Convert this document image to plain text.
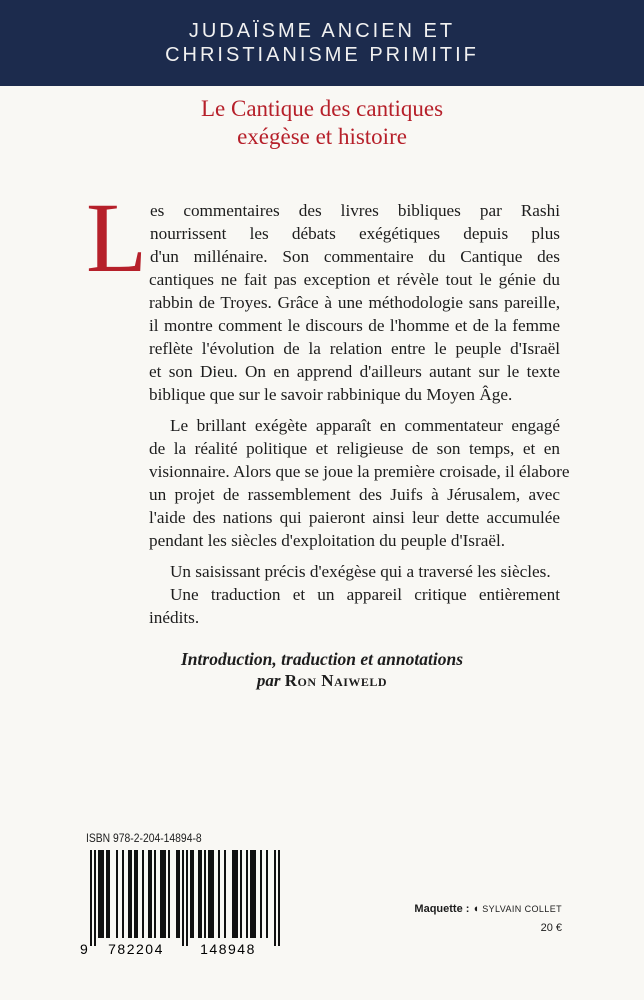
JUDAÏSME ANCIEN ET
CHRISTIANISME PRIMITIF
Le Cantique des cantiques
exégèse et histoire
L es commentaires des livres bibliques par Rashi
nourrissent les débats exégétiques depuis plus
d'un millénaire. Son commentaire du Cantique des
cantiques ne fait pas exception et révèle tout le génie du
rabbin de Troyes. Grâce à une méthodologie sans pareille,
il montre comment le discours de l'homme et de la femme
reflète l'évolution de la relation entre le peuple d'Israël
et son Dieu. On en apprend d'ailleurs autant sur le texte
biblique que sur le savoir rabbinique du Moyen Âge.
Le brillant exégète apparaît en commentateur engagé
de la réalité politique et religieuse de son temps, et en
visionnaire. Alors que se joue la première croisade, il élabore
un projet de rassemblement des Juifs à Jérusalem, avec
l'aide des nations qui paieront ainsi leur dette accumulée
pendant les siècles d'exploitation du peuple d'Israël.
Un saisissant précis d'exégèse qui a traversé les siècles.
Une traduction et un appareil critique entièrement
inédits.
Introduction, traduction et annotations
par Ron Naiweld
ISBN 978-2-204-14894-8
9 782204	148948
Maquette : ◖ SYLVAIN COLLET
20 €
